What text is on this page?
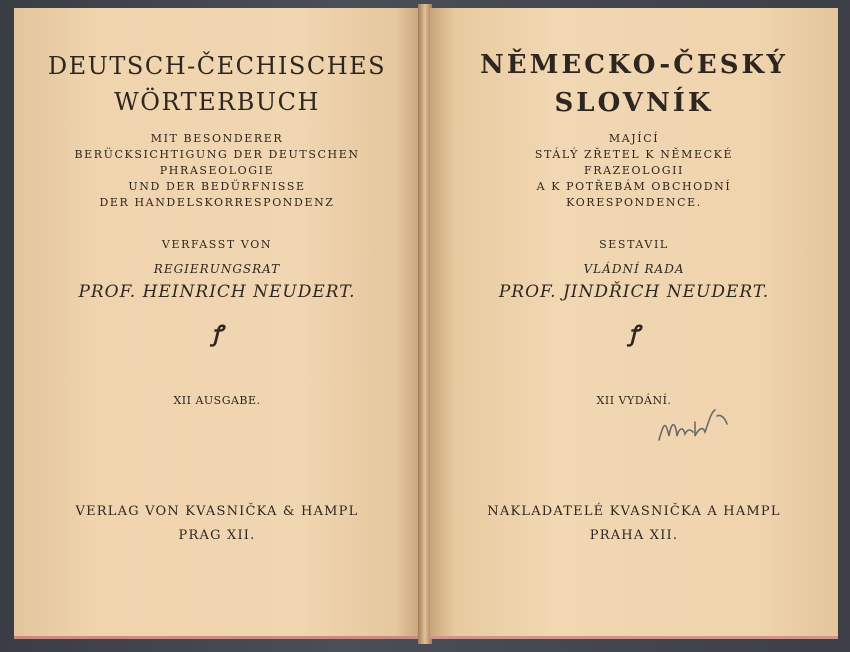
DEUTSCH-ČECHISCHES
WÖRTERBUCH
MIT BESONDERER
BERÜCKSICHTIGUNG DER DEUTSCHEN
PHRASEOLOGIE
UND DER BEDÜRFNISSE
DER HANDELSKORRESPONDENZ
VERFASST VON
REGIERUNGSRAT
PROF. HEINRICH NEUDERT.
ꝭ
XII AUSGABE.
VERLAG VON KVASNIČKA & HAMPL
PRAG XII.
NĚMECKO-ČESKÝ
SLOVNÍK
MAJÍCÍ
STÁLÝ ZŘETEL K NĚMECKÉ
FRAZEOLOGII
A K POTŘEBÁM OBCHODNÍ
KORESPONDENCE.
SESTAVIL
VLÁDNÍ RADA
PROF. JINDŘICH NEUDERT.
ꝭ
XII VYDÁNÍ.
NAKLADATELÉ KVASNIČKA A HAMPL
PRAHA XII.
